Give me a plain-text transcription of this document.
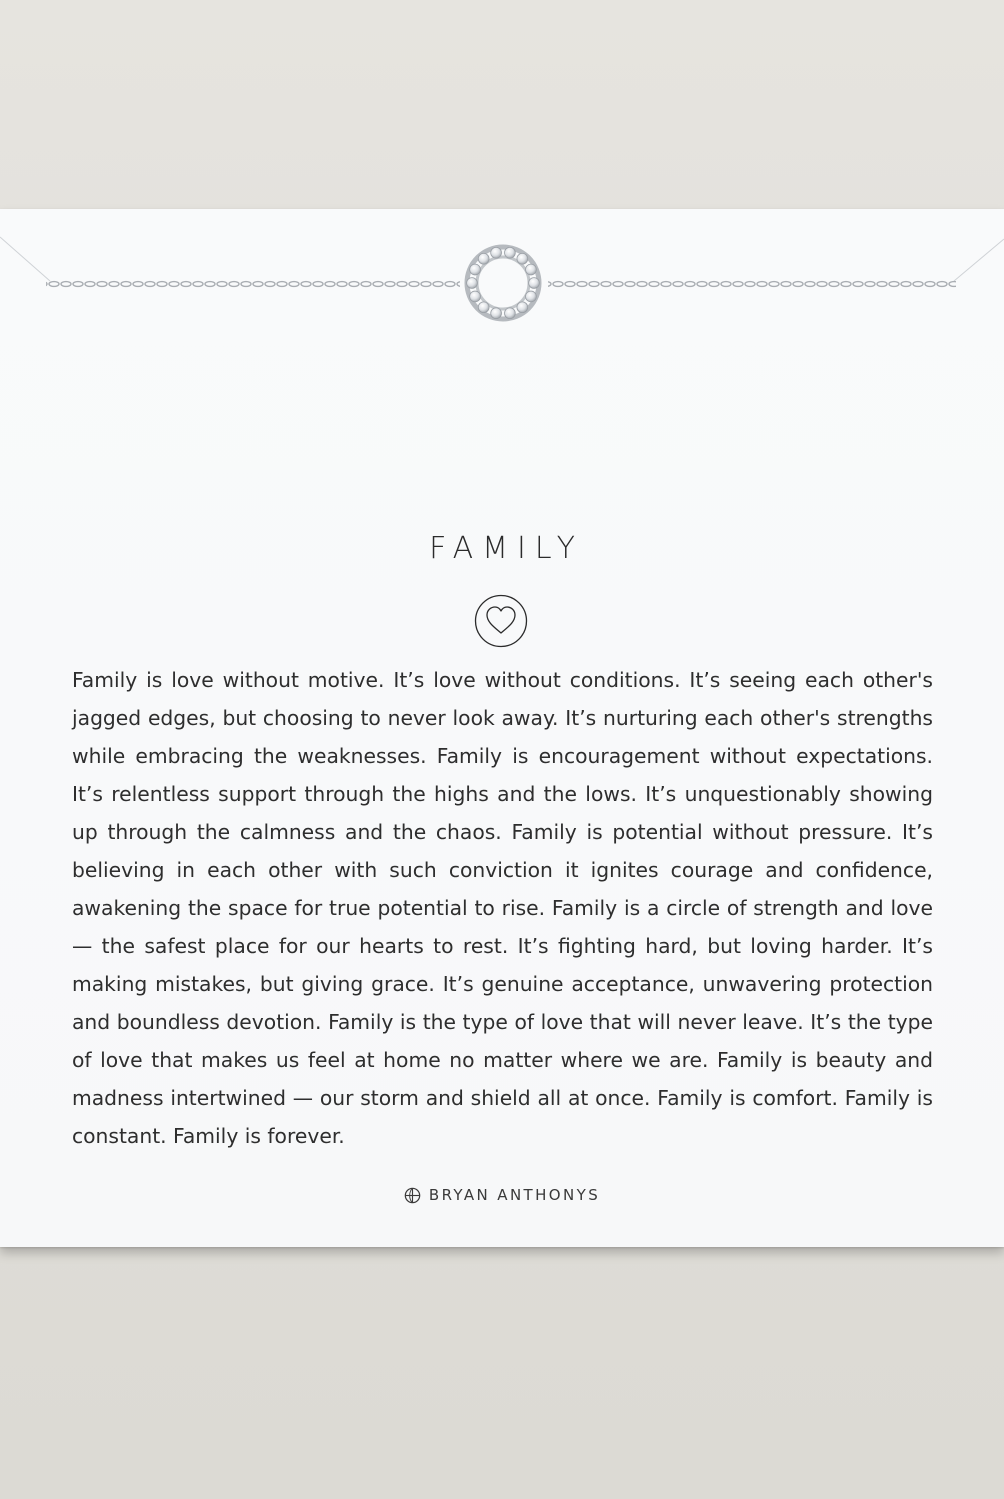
FAMILY

Family is love without motive. It’s love without conditions. It’s seeing each other's jagged edges, but choosing to never look away. It’s nurturing each other's strengths while embracing the weaknesses. Family is encouragement without expectations. It’s relentless support through the highs and the lows. It’s unquestionably showing up through the calmness and the chaos. Family is potential without pressure. It’s believing in each other with such conviction it ignites courage and confidence, awakening the space for true potential to rise. Family is a circle of strength and love — the safest place for our hearts to rest. It’s fighting hard, but loving harder. It’s making mistakes, but giving grace. It’s genuine acceptance, unwavering protection and boundless devotion. Family is the type of love that will never leave. It’s the type of love that makes us feel at home no matter where we are. Family is beauty and madness intertwined — our storm and shield all at once. Family is comfort. Family is constant. Family is forever.

BRYAN ANTHONYS
